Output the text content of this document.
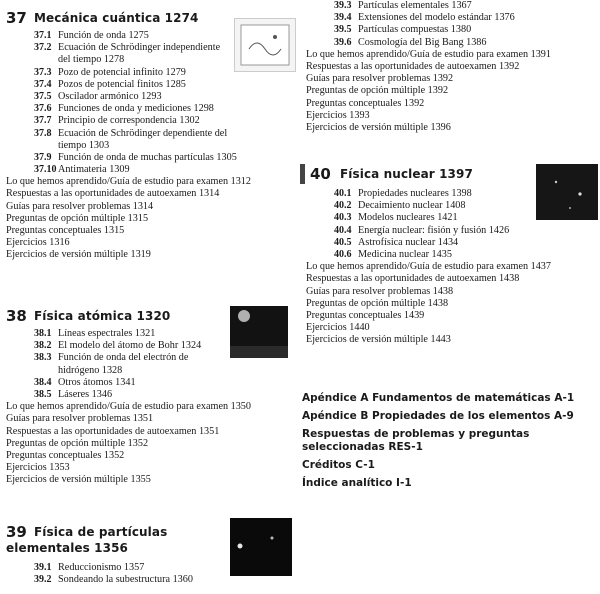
37 Mecánica cuántica 1274
37.1 Función de onda 1275
37.2 Ecuación de Schrödinger independiente
del tiempo 1278
37.3 Pozo de potencial infinito 1279
37.4 Pozos de potencial finitos 1285
37.5 Oscilador armónico 1293
37.6 Funciones de onda y mediciones 1298
37.7 Principio de correspondencia 1302
37.8 Ecuación de Schrödinger dependiente del
tiempo 1303
37.9 Función de onda de muchas partículas 1305
37.10 Antimateria 1309
Lo que hemos aprendido/Guía de estudio para examen 1312
Respuestas a las oportunidades de autoexamen 1314
Guías para resolver problemas 1314
Preguntas de opción múltiple 1315
Preguntas conceptuales 1315
Ejercicios 1316
Ejercicios de versión múltiple 1319
38 Física atómica 1320
38.1 Líneas espectrales 1321
38.2 El modelo del átomo de Bohr 1324
38.3 Función de onda del electrón de
hidrógeno 1328
38.4 Otros átomos 1341
38.5 Láseres 1346
Lo que hemos aprendido/Guía de estudio para examen 1350
Guías para resolver problemas 1351
Respuestas a las oportunidades de autoexamen 1351
Preguntas de opción múltiple 1352
Preguntas conceptuales 1352
Ejercicios 1353
Ejercicios de versión múltiple 1355
39 Física de partículas
elementales 1356
39.1 Reduccionismo 1357
39.2 Sondeando la subestructura 1360
39.3 Partículas elementales 1367
39.4 Extensiones del modelo estándar 1376
39.5 Partículas compuestas 1380
39.6 Cosmología del Big Bang 1386
Lo que hemos aprendido/Guía de estudio para examen 1391
Respuestas a las oportunidades de autoexamen 1392
Guías para resolver problemas 1392
Preguntas de opción múltiple 1392
Preguntas conceptuales 1392
Ejercicios 1393
Ejercicios de versión múltiple 1396
40 Física nuclear 1397
40.1 Propiedades nucleares 1398
40.2 Decaimiento nuclear 1408
40.3 Modelos nucleares 1421
40.4 Energía nuclear: fisión y fusión 1426
40.5 Astrofísica nuclear 1434
40.6 Medicina nuclear 1435
Lo que hemos aprendido/Guía de estudio para examen 1437
Respuestas a las oportunidades de autoexamen 1438
Guías para resolver problemas 1438
Preguntas de opción múltiple 1438
Preguntas conceptuales 1439
Ejercicios 1440
Ejercicios de versión múltiple 1443
Apéndice A Fundamentos de matemáticas A-1
Apéndice B Propiedades de los elementos A-9
Respuestas de problemas y preguntas
seleccionadas RES-1
Créditos C-1
Índice analítico I-1
